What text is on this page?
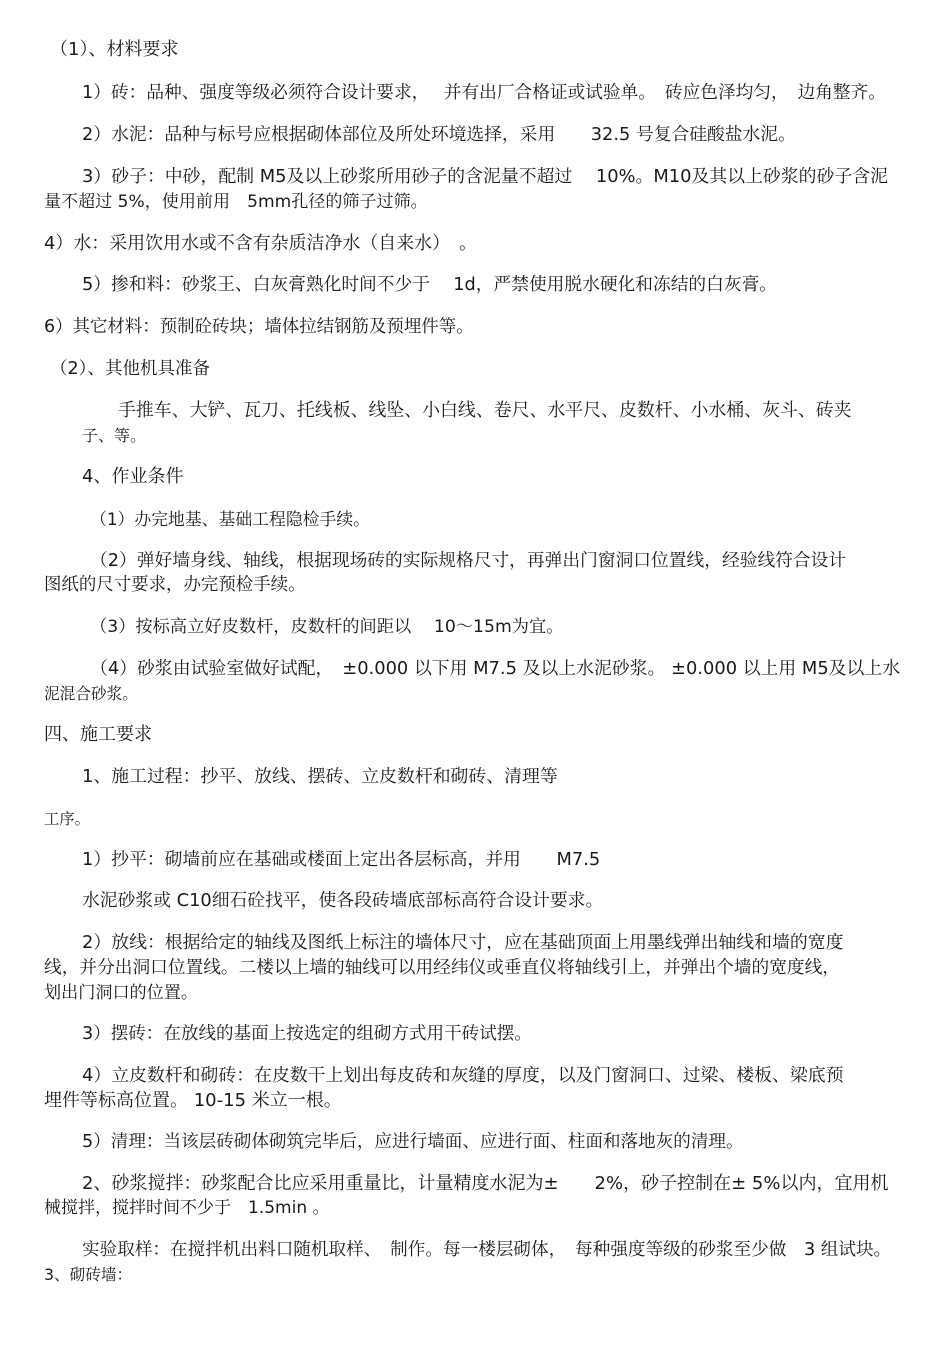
（1）、材料要求
1）砖：品种、强度等级必须符合设计要求，　 并有出厂合格证或试验单。　砖应色泽均匀，　边角整齐。
2）水泥：品种与标号应根据砌体部位及所处环境选择，采用　　32.5 号复合硅酸盐水泥。
3）砂子：中砂，配制 M5及以上砂浆所用砂子的含泥量不超过　 10%。M10及其以上砂浆的砂子含泥
量不超过 5%，使用前用　5mm孔径的筛子过筛。
4）水：采用饮用水或不含有杂质洁净水（自来水）　。
5）掺和料：砂浆王、白灰膏熟化时间不少于　 1d，严禁使用脱水硬化和冻结的白灰膏。
6）其它材料：预制砼砖块；墙体拉结钢筋及预埋件等。
（2）、其他机具准备
手推车、大铲、瓦刀、托线板、线坠、小白线、卷尺、水平尺、皮数杆、小水桶、灰斗、砖夹
子、等。
4、作业条件
（1）办完地基、基础工程隐检手续。
（2）弹好墙身线、轴线，根据现场砖的实际规格尺寸，再弹出门窗洞口位置线，经验线符合设计
图纸的尺寸要求，办完预检手续。
（3）按标高立好皮数杆，皮数杆的间距以　 10～15m为宜。
（4）砂浆由试验室做好试配，　±0.000 以下用 M7.5 及以上水泥砂浆。 ±0.000 以上用 M5及以上水
泥混合砂浆。
四、施工要求
1、施工过程：抄平、放线、摆砖、立皮数杆和砌砖、清理等
工序。
1）抄平：砌墙前应在基础或楼面上定出各层标高，并用　　M7.5
水泥砂浆或 C10细石砼找平，使各段砖墙底部标高符合设计要求。
2）放线：根据给定的轴线及图纸上标注的墙体尺寸，应在基础顶面上用墨线弹出轴线和墙的宽度
线，并分出洞口位置线。二楼以上墙的轴线可以用经纬仪或垂直仪将轴线引上，并弹出个墙的宽度线，
划出门洞口的位置。
3）摆砖：在放线的基面上按选定的组砌方式用干砖试摆。
4）立皮数杆和砌砖：在皮数干上划出每皮砖和灰缝的厚度，以及门窗洞口、过梁、楼板、梁底预
埋件等标高位置。 10-15 米立一根。
5）清理：当该层砖砌体砌筑完毕后，应进行墙面、应进行面、柱面和落地灰的清理。
2、砂浆搅拌：砂浆配合比应采用重量比，计量精度水泥为±　　2%，砂子控制在± 5%以内，宜用机
械搅拌，搅拌时间不少于　1.5min 。
实验取样：在搅拌机出料口随机取样、　制作。每一楼层砌体，　每种强度等级的砂浆至少做　3 组试块。
3、砌砖墙：
